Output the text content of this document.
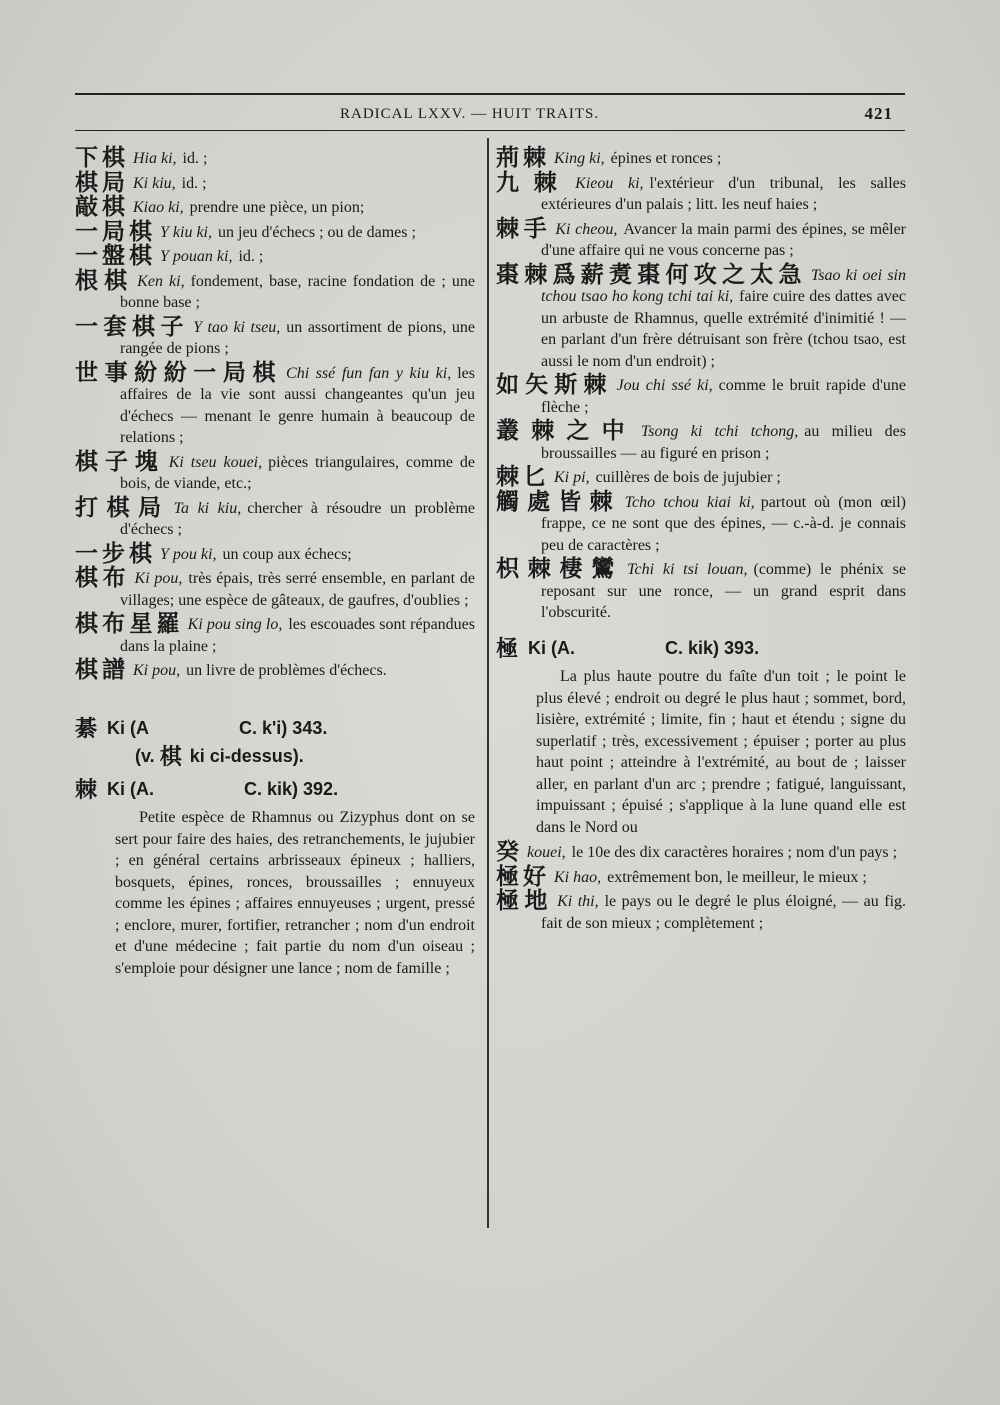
RADICAL LXXV. — HUIT TRAITS.	421
下棋 Hia ki, id. ;
棋局 Ki kiu, id. ;
敲棋 Kiao ki, prendre une pièce, un pion;
一局棋 Y kiu ki, un jeu d'échecs ; ou de dames ;
一盤棋 Y pouan ki, id. ;
根棋 Ken ki, fondement, base, racine fondation de ; une bonne base ;
一套棋子 Y tao ki tseu, un assortiment de pions, une rangée de pions ;
世事紛紛一局棋 Chi ssé fun fan y kiu ki, les affaires de la vie sont aussi changeantes qu'un jeu d'échecs — menant le genre humain à beaucoup de relations ;
棋子塊 Ki tseu kouei, pièces triangulaires, comme de bois, de viande, etc.;
打棋局 Ta ki kiu, chercher à résoudre un problème d'échecs ;
一步棋 Y pou ki, un coup aux échecs;
棋布 Ki pou, très épais, très serré ensemble, en parlant de villages; une espèce de gâteaux, de gaufres, d'oublies ;
棋布星羅 Ki pou sing lo, les escouades sont répandues dans la plaine ;
棋譜 Ki pou, un livre de problèmes d'échecs.
綦 Ki (A	C. k'i) 343.
(v. 棋 ki ci-dessus).
棘 Ki (A.	C. kik) 392.
Petite espèce de Rhamnus ou Zizyphus dont on se sert pour faire des haies, des retranchements, le jujubier ; en général certains arbrisseaux épineux ; halliers, bosquets, épines, ronces, broussailles ; ennuyeux comme les épines ; affaires ennuyeuses ; urgent, pressé ; enclore, murer, fortifier, retrancher ; nom d'un endroit et d'une médecine ; fait partie du nom d'un oiseau ; s'emploie pour désigner une lance ; nom de famille ;
荊棘 King ki, épines et ronces ;
九棘 Kieou ki, l'extérieur d'un tribunal, les salles extérieures d'un palais ; litt. les neuf haies ;
棘手 Ki cheou, Avancer la main parmi des épines, se mêler d'une affaire qui ne vous concerne pas ;
棗棘爲薪煑棗何攻之太急 Tsao ki oei sin tchou tsao ho kong tchi tai ki, faire cuire des dattes avec un arbuste de Rhamnus, quelle extrémité d'inimitié ! — en parlant d'un frère détruisant son frère (tchou tsao, est aussi le nom d'un endroit) ;
如矢斯棘 Jou chi ssé ki, comme le bruit rapide d'une flèche ;
叢棘之中 Tsong ki tchi tchong, au milieu des broussailles — au figuré en prison ;
棘匕 Ki pi, cuillères de bois de jujubier ;
觸處皆棘 Tcho tchou kiai ki, partout où (mon œil) frappe, ce ne sont que des épines, — c.-à-d. je connais peu de caractères ;
枳棘棲鸞 Tchi ki tsi louan, (comme) le phénix se reposant sur une ronce, — un grand esprit dans l'obscurité.
極 Ki (A.	C. kik) 393.
La plus haute poutre du faîte d'un toit ; le point le plus élevé ; endroit ou degré le plus haut ; sommet, bord, lisière, extrémité ; limite, fin ; haut et étendu ; signe du superlatif ; très, excessivement ; épuiser ; porter au plus haut point ; atteindre à l'extrémité, au bout de ; laisser aller, en parlant d'un arc ; prendre ; fatigué, languissant, impuissant ; épuisé ; s'applique à la lune quand elle est dans le Nord ou
癸 kouei, le 10e des dix caractères horaires ; nom d'un pays ;
極好 Ki hao, extrêmement bon, le meilleur, le mieux ;
極地 Ki thi, le pays ou le degré le plus éloigné, — au fig. fait de son mieux ; complètement ;
